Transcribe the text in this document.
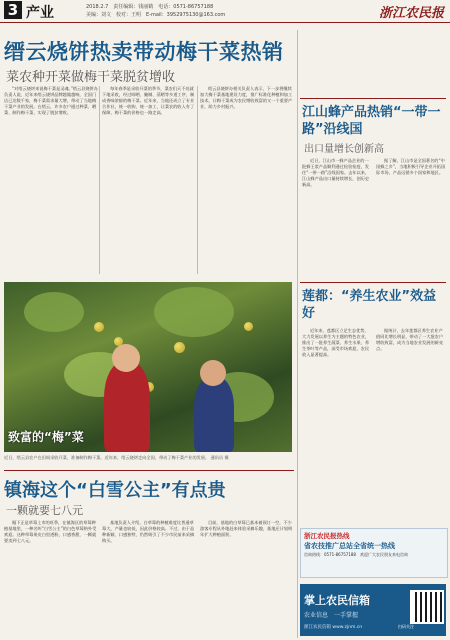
3 产业	2018.2.7　责任编辑：钱丽鹤　电话：0571-86757188
美编：刘文　校对：王明　E-mail：3952975130@163.com	浙江农民报
缙云烧饼热卖带动梅干菜热销
菜农种开菜做梅干菜脱贫增收
“对缙云烧饼来说梅干菜是灵魂。”缙云县烧饼办负责人说，近年来缙云烧饼品牌越做越响，全国门店已达数千家，梅干菜需求量大增，带动了当地梅干菜产业的发展。在缙云，许多农户通过种菜、晒菜、制作梅干菜，实现了脱贫增收。
每年春季是采收开菜的季节，菜农们天不亮就下地采收，经过晾晒、腌制、蒸晒等多道工序，制成香味浓郁的梅干菜。近年来，当地还成立了专业合作社，统一收购、统一加工，让菜农的收入有了保障，梅干菜的价格也一路走高。
缙云县烧饼办相关负责人表示，下一步将继续加大梅干菜基地建设力度，推广标准化种植和加工技术，让梅干菜成为农民增收致富的又一个重要产业，助力乡村振兴。
致富的“梅”菜
近日，缙云县农户在田间采收开菜，准备制作梅干菜。近年来，缙云烧饼走向全国，带动了梅干菜产业的发展。 通讯员 摄
镇海这个“白雪公主”有点贵
一颗就要七八元
眼下正是草莓上市的旺季，在镇海区的草莓种植基地里，一种名叫“白雪公主”的白色草莓格外受欢迎。这种草莓果皮白里透粉，口感香甜，一颗就要卖到七八元。
基地负责人介绍，白草莓的种植难度比普通草莓大，产量也较低，因此价格较高。不过，由于品种新颖、口感独特，仍然吸引了不少市民前来采摘购买。
目前，基地的白草莓已基本被预订一空，不少游客专程从外地赶来体验采摘乐趣，基地还计划明年扩大种植面积。
江山蜂产品热销“一带一路”沿线国
出口量增长创新高
近日，江山市一蜂产品企业的一批蜂王浆产品顺利通过检验检疫，发往“一带一路”沿线国家。去年以来，江山蜂产品出口量持续增长，创历史新高。
据了解，江山市是全国著名的“中国蜂之乡”，当地积极引导企业开拓国际市场，产品远销多个国家和地区。
莲都：“养生农业”效益好
近年来，莲都区立足生态优势，大力发展以养生为主题的特色农业，推出了一批养生蔬菜、养生水果、养生茶叶等产品，深受市场欢迎，农民收入显著提高。
据统计，去年莲都区养生农业产值同比增长明显，带动了一大批农户增收致富，成为当地农业发展的新亮点。
浙江农民报热线
省农技推广总站全省统一热线
咨询热线：0571-86757188　欢迎广大农民朋友来电咨询
掌上农民信箱
农业信息　一手掌握
浙江农民信箱 www.zjnm.cn	扫码关注
